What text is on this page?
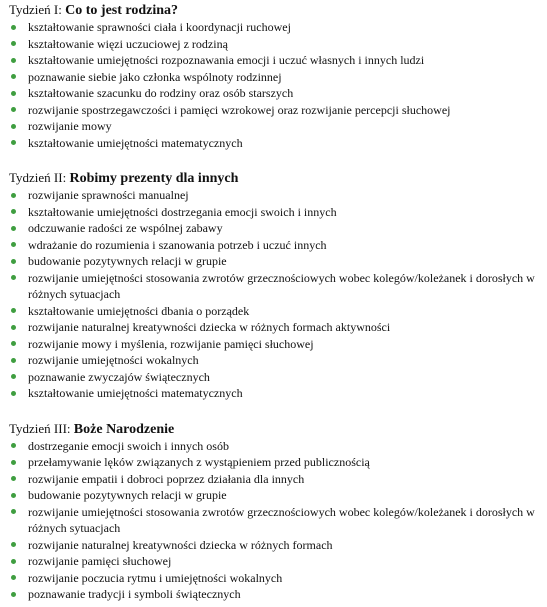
Tydzień I: Co to jest rodzina?
kształtowanie sprawności ciała i koordynacji ruchowej
kształtowanie więzi uczuciowej z rodziną
kształtowanie umiejętności rozpoznawania emocji i uczuć własnych i innych ludzi
poznawanie siebie jako członka wspólnoty rodzinnej
kształtowanie szacunku do rodziny oraz osób starszych
rozwijanie spostrzegawczości i pamięci wzrokowej oraz rozwijanie percepcji słuchowej
rozwijanie mowy
kształtowanie umiejętności matematycznych
Tydzień II: Robimy prezenty dla innych
rozwijanie sprawności manualnej
kształtowanie umiejętności dostrzegania emocji swoich i innych
odczuwanie radości ze wspólnej zabawy
wdrażanie do rozumienia i szanowania potrzeb i uczuć innych
budowanie pozytywnych relacji w grupie
rozwijanie umiejętności stosowania zwrotów grzecznościowych wobec kolegów/koleżanek i dorosłych w różnych sytuacjach
kształtowanie umiejętności dbania o porządek
rozwijanie naturalnej kreatywności dziecka w różnych formach aktywności
rozwijanie mowy i myślenia, rozwijanie pamięci słuchowej
rozwijanie umiejętności wokalnych
poznawanie zwyczajów świątecznych
kształtowanie umiejętności matematycznych
Tydzień III: Boże Narodzenie
dostrzeganie emocji swoich i innych osób
przełamywanie lęków związanych z wystąpieniem przed publicznością
rozwijanie empatii i dobroci poprzez działania dla innych
budowanie pozytywnych relacji w grupie
rozwijanie umiejętności stosowania zwrotów grzecznościowych wobec kolegów/koleżanek i dorosłych w różnych sytuacjach
rozwijanie naturalnej kreatywności dziecka w różnych formach
rozwijanie pamięci słuchowej
rozwijanie poczucia rytmu i umiejętności wokalnych
poznawanie tradycji i symboli świątecznych
